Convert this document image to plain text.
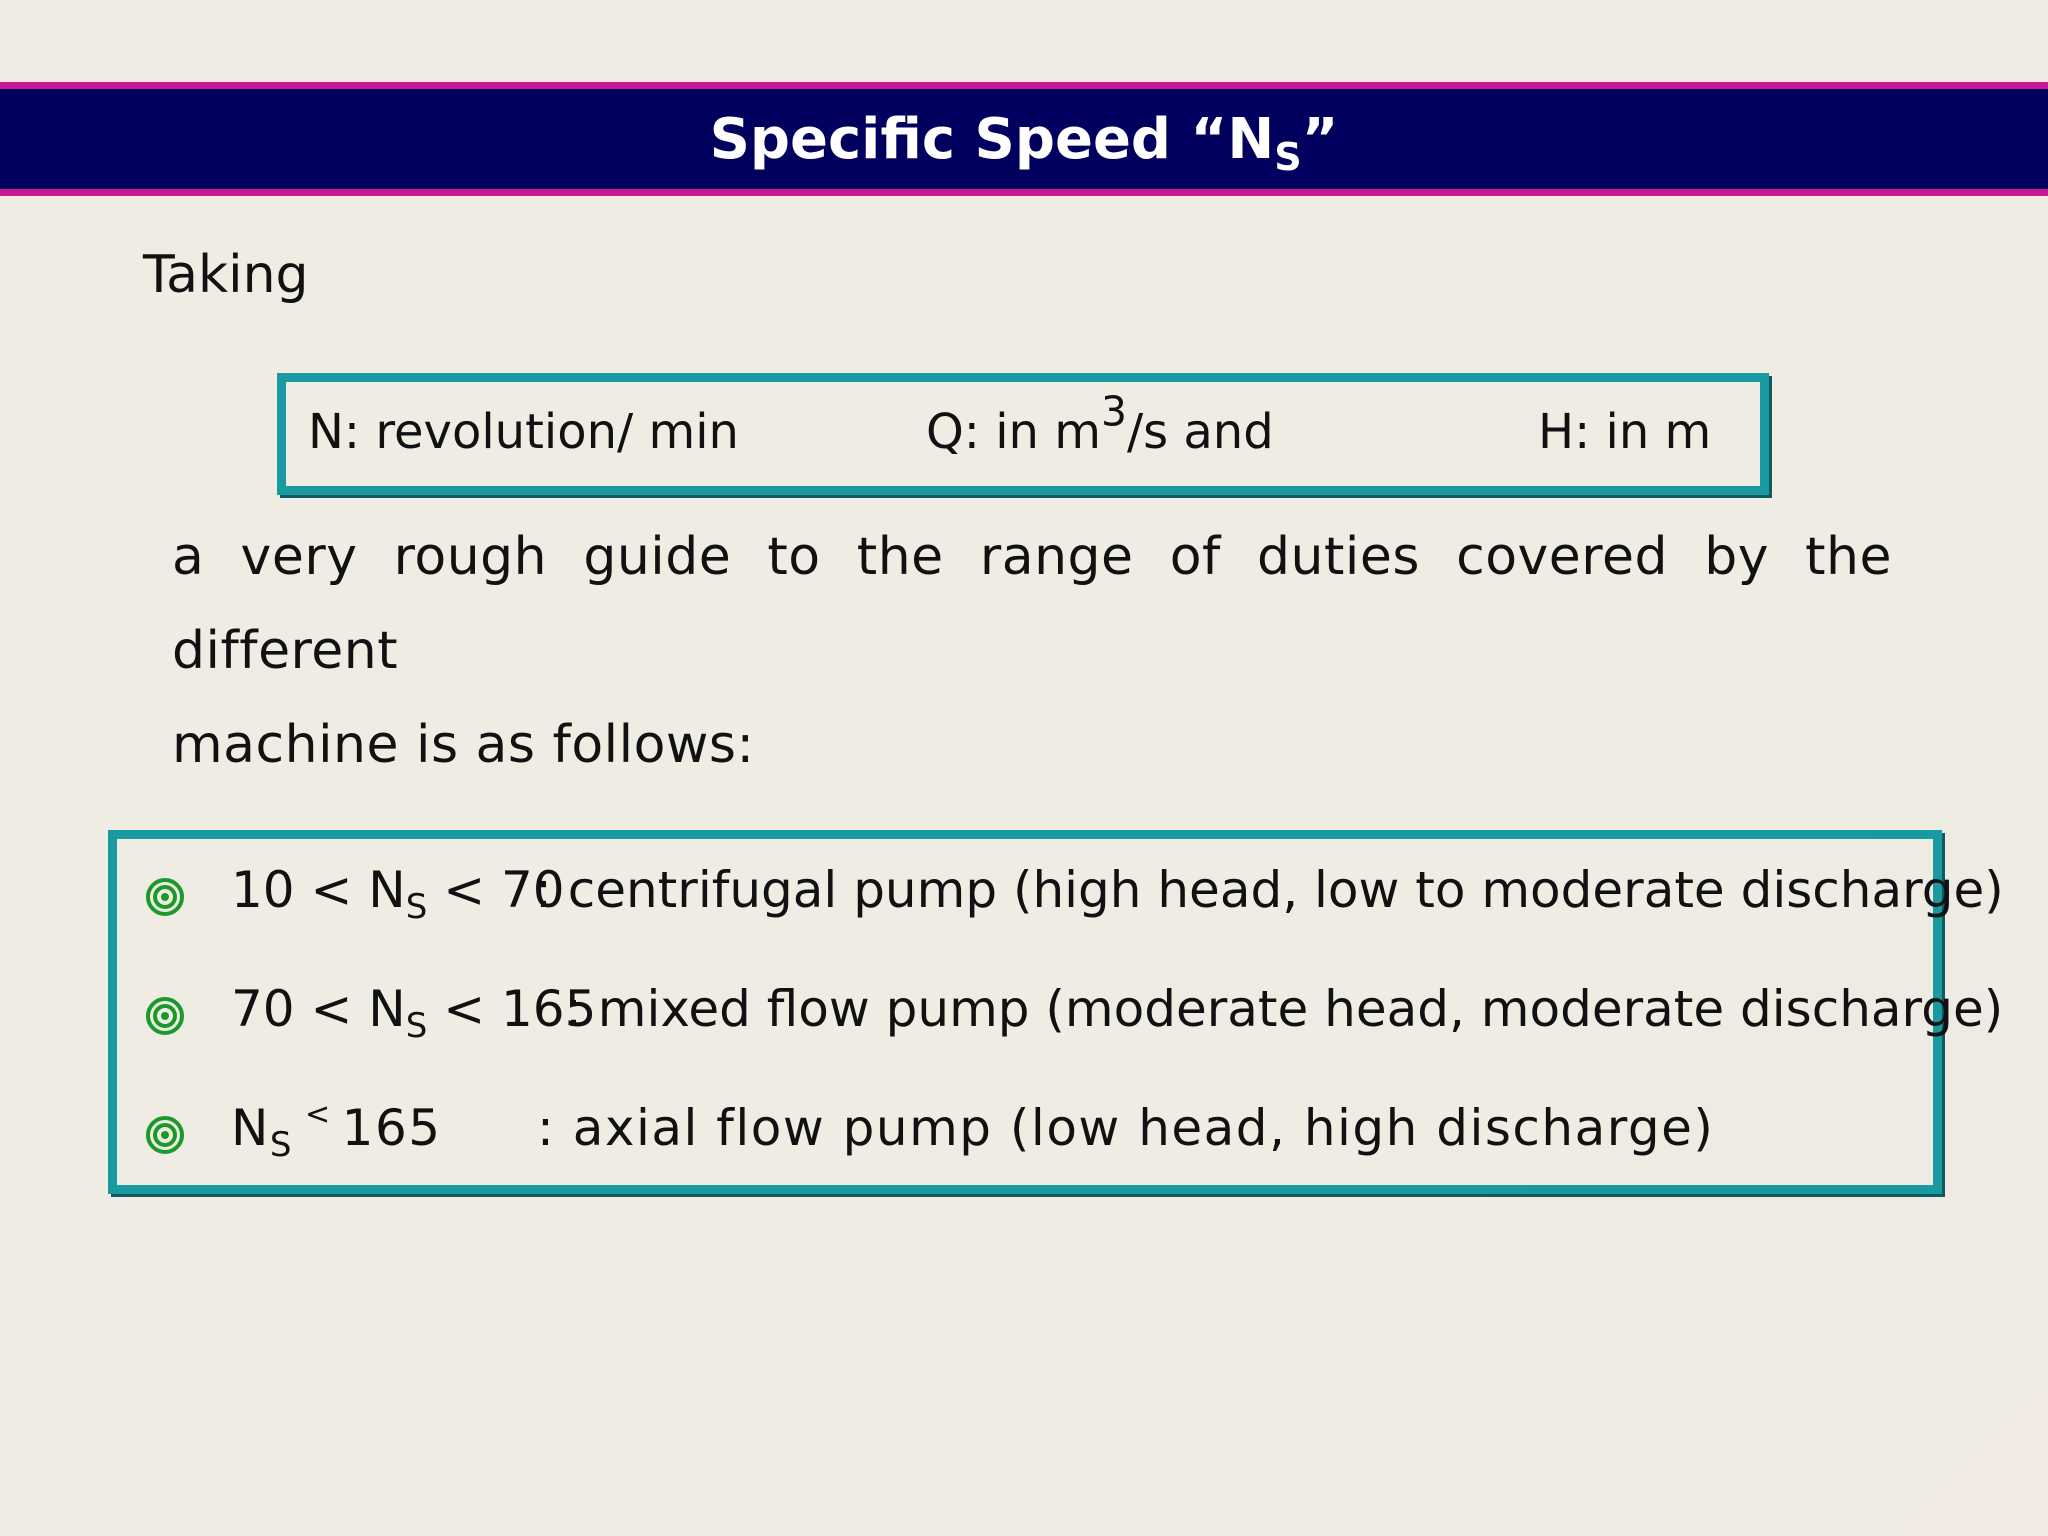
Specific Speed “$N_S$”
Taking
N: revolution/ min	Q: in $m^3/s$ and	H: in m
a very rough guide to the range of duties covered by the different
machine is as follows:
$10 < N_S < 70$
: centrifugal pump (high head, low to moderate discharge)
$70 < N_S < 165$
: mixed flow pump (moderate head, moderate discharge)
$N_S^<$ 165 : axial flow pump (low head, high discharge)
